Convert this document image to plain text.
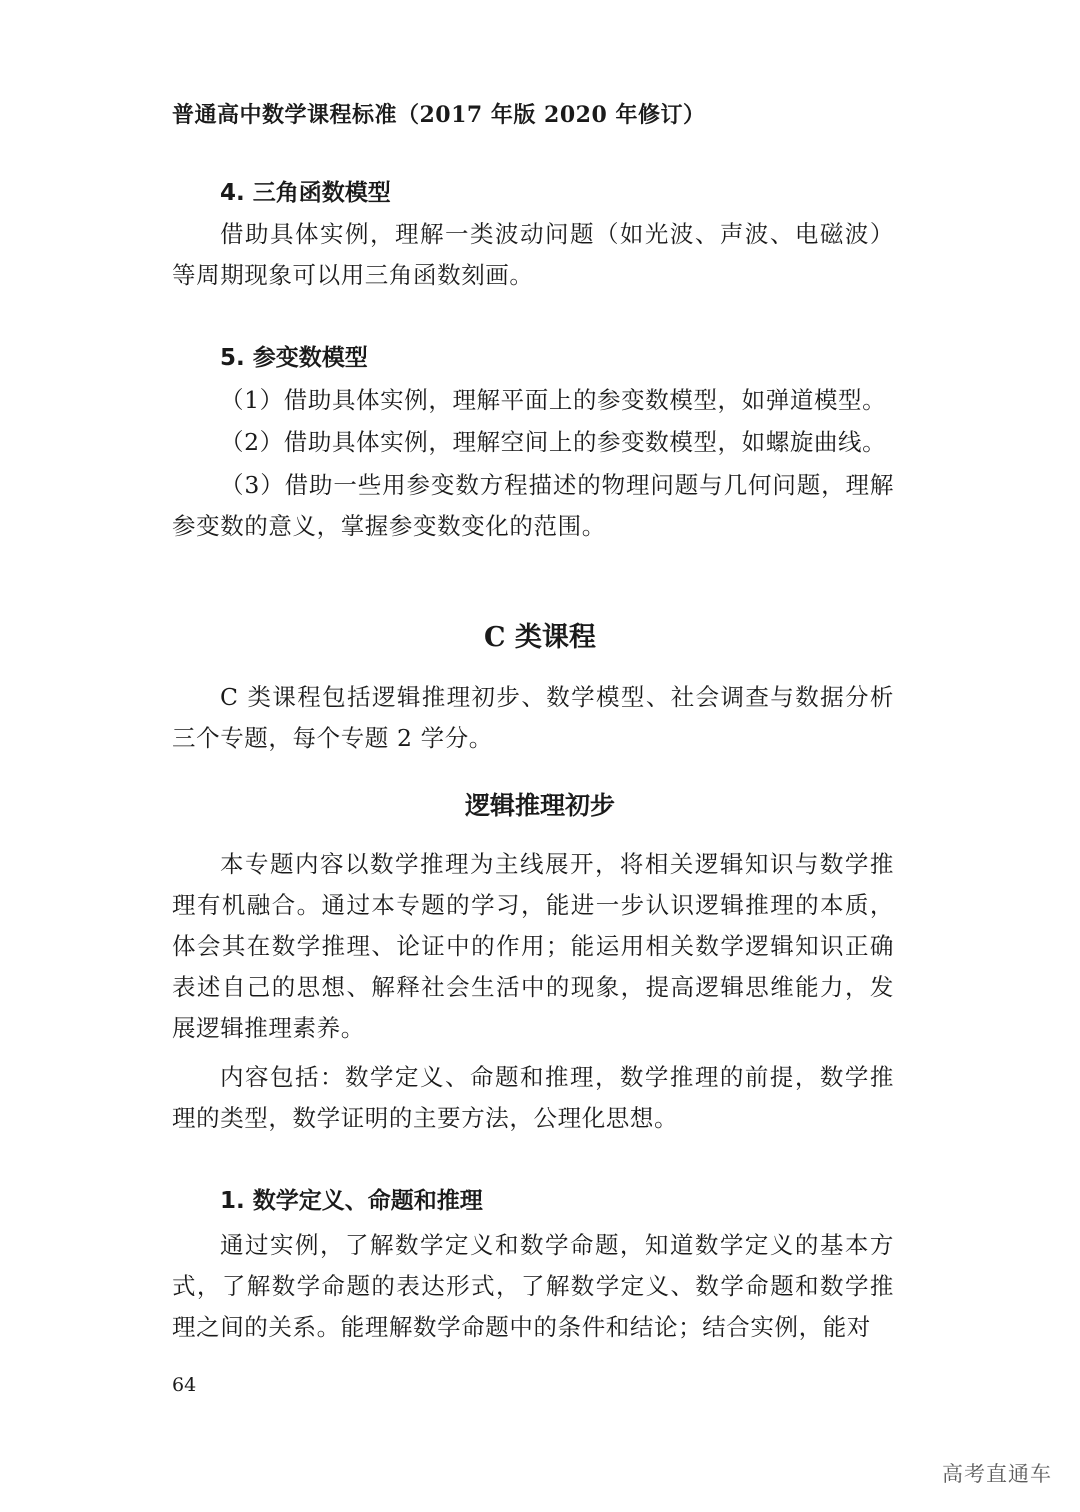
普通高中数学课程标准（2017 年版 2020 年修订）
4. 三角函数模型

借助具体实例，理解一类波动问题（如光波、声波、电磁波）等周期现象可以用三角函数刻画。

5. 参变数模型

（1）借助具体实例，理解平面上的参变数模型，如弹道模型。

（2）借助具体实例，理解空间上的参变数模型，如螺旋曲线。

（3）借助一些用参变数方程描述的物理问题与几何问题，理解参变数的意义，掌握参变数变化的范围。

C 类课程

C 类课程包括逻辑推理初步、数学模型、社会调查与数据分析三个专题，每个专题 2 学分。

逻辑推理初步

本专题内容以数学推理为主线展开，将相关逻辑知识与数学推理有机融合。通过本专题的学习，能进一步认识逻辑推理的本质，体会其在数学推理、论证中的作用；能运用相关数学逻辑知识正确表述自己的思想、解释社会生活中的现象，提高逻辑思维能力，发展逻辑推理素养。

内容包括：数学定义、命题和推理，数学推理的前提，数学推理的类型，数学证明的主要方法，公理化思想。

1. 数学定义、命题和推理

通过实例，了解数学定义和数学命题，知道数学定义的基本方式，了解数学命题的表达形式，了解数学定义、数学命题和数学推理之间的关系。能理解数学命题中的条件和结论；结合实例，能对

64
高考直通车
